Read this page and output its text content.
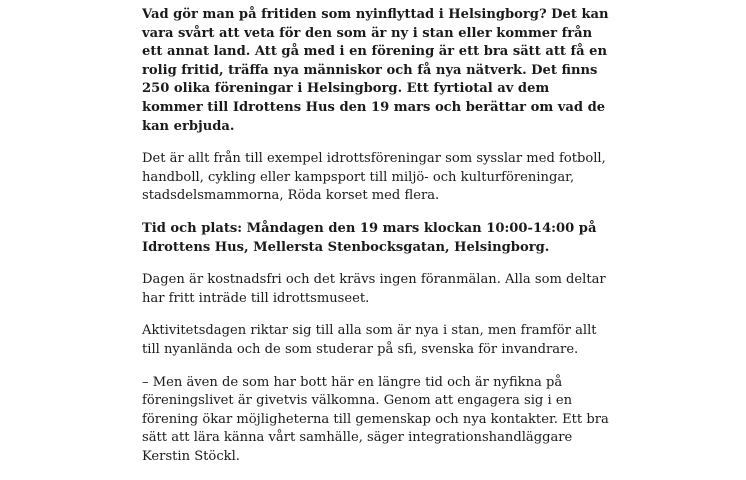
Vad gör man på fritiden som nyinflyttad i Helsingborg? Det kan vara svårt att veta för den som är ny i stan eller kommer från ett annat land. Att gå med i en förening är ett bra sätt att få en rolig fritid, träffa nya människor och få nya nätverk. Det finns 250 olika föreningar i Helsingborg. Ett fyrtiotal av dem kommer till Idrottens Hus den 19 mars och berättar om vad de kan erbjuda.

Det är allt från till exempel idrottsföreningar som sysslar med fotboll, handboll, cykling eller kampsport till miljö- och kulturföreningar, stadsdelsmammorna, Röda korset med flera.

Tid och plats: Måndagen den 19 mars klockan 10:00-14:00 på Idrottens Hus, Mellersta Stenbocksgatan, Helsingborg.

Dagen är kostnadsfri och det krävs ingen föranmälan. Alla som deltar har fritt inträde till idrottsmuseet.

Aktivitetsdagen riktar sig till alla som är nya i stan, men framför allt till nyanlända och de som studerar på sfi, svenska för invandrare.

– Men även de som har bott här en längre tid och är nyfikna på föreningslivet är givetvis välkomna. Genom att engagera sig i en förening ökar möjligheterna till gemenskap och nya kontakter. Ett bra sätt att lära känna vårt samhälle, säger integrationshandläggare Kerstin Stöckl.
